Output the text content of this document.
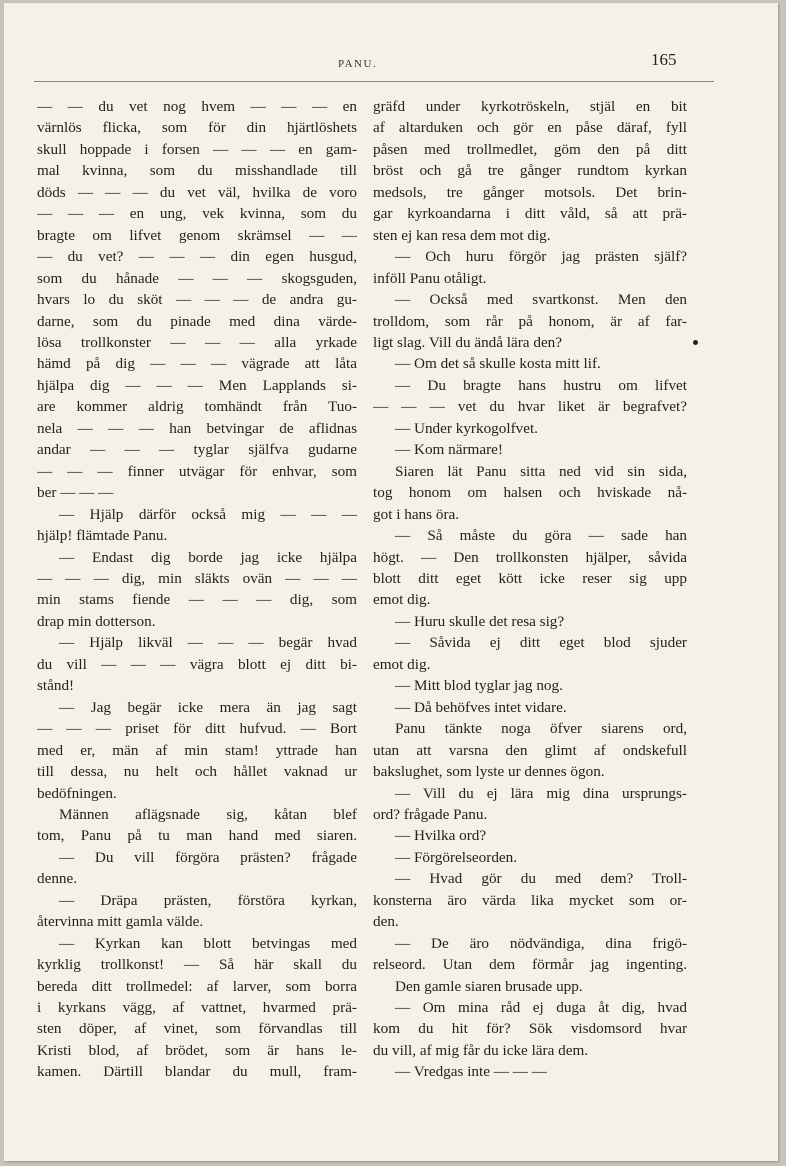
PANU.	165
— — du vet nog hvem — — — en
värnlös flicka, som för din hjärtlöshets
skull hoppade i forsen — — — en gam-
mal kvinna, som du misshandlade till
döds — — — du vet väl, hvilka de voro
— — — en ung, vek kvinna, som du
bragte om lifvet genom skrämsel — —
— du vet? — — — din egen husgud,
som du hånade — — — skogsguden,
hvars lo du sköt — — — de andra gu-
darne, som du pinade med dina värde-
lösa trollkonster — — — alla yrkade
hämd på dig — — — vägrade att låta
hjälpa dig — — — Men Lapplands si-
are kommer aldrig tomhändt från Tuo-
nela — — — han betvingar de aflidnas
andar — — — tyglar själfva gudarne
— — — finner utvägar för enhvar, som
ber — — —
— Hjälp därför också mig — — —
hjälp! flämtade Panu.
— Endast dig borde jag icke hjälpa
— — — dig, min släkts ovän — — —
min stams fiende — — — dig, som
drap min dotterson.
— Hjälp likväl — — — begär hvad
du vill — — — vägra blott ej ditt bi-
stånd!
— Jag begär icke mera än jag sagt
— — — priset för ditt hufvud. — Bort
med er, män af min stam! yttrade han
till dessa, nu helt och hållet vaknad ur
bedöfningen.
Männen aflägsnade sig, kåtan blef
tom, Panu på tu man hand med siaren.
— Du vill förgöra prästen? frågade
denne.
— Dräpa prästen, förstöra kyrkan,
återvinna mitt gamla välde.
— Kyrkan kan blott betvingas med
kyrklig trollkonst! — Så här skall du
bereda ditt trollmedel: af larver, som borra
i kyrkans vägg, af vattnet, hvarmed prä-
sten döper, af vinet, som förvandlas till
Kristi blod, af brödet, som är hans le-
kamen. Därtill blandar du mull, fram-
gräfd under kyrkotröskeln, stjäl en bit
af altarduken och gör en påse däraf, fyll
påsen med trollmedlet, göm den på ditt
bröst och gå tre gånger rundtom kyrkan
medsols, tre gånger motsols. Det brin-
gar kyrkoandarna i ditt våld, så att prä-
sten ej kan resa dem mot dig.
— Och huru förgör jag prästen själf?
inföll Panu otåligt.
— Också med svartkonst. Men den
trolldom, som rår på honom, är af far-
ligt slag. Vill du ändå lära den?
— Om det så skulle kosta mitt lif.
— Du bragte hans hustru om lifvet
— — — vet du hvar liket är begrafvet?
— Under kyrkogolfvet.
— Kom närmare!
Siaren lät Panu sitta ned vid sin sida,
tog honom om halsen och hviskade nå-
got i hans öra.
— Så måste du göra — sade han
högt. — Den trollkonsten hjälper, såvida
blott ditt eget kött icke reser sig upp
emot dig.
— Huru skulle det resa sig?
— Såvida ej ditt eget blod sjuder
emot dig.
— Mitt blod tyglar jag nog.
— Då behöfves intet vidare.
Panu tänkte noga öfver siarens ord,
utan att varsna den glimt af ondskefull
bakslughet, som lyste ur dennes ögon.
— Vill du ej lära mig dina ursprungs-
ord? frågade Panu.
— Hvilka ord?
— Förgörelseorden.
— Hvad gör du med dem? Troll-
konsterna äro värda lika mycket som or-
den.
— De äro nödvändiga, dina frigö-
relseord. Utan dem förmår jag ingenting.
Den gamle siaren brusade upp.
— Om mina råd ej duga åt dig, hvad
kom du hit för? Sök visdomsord hvar
du vill, af mig får du icke lära dem.
— Vredgas inte — — —
